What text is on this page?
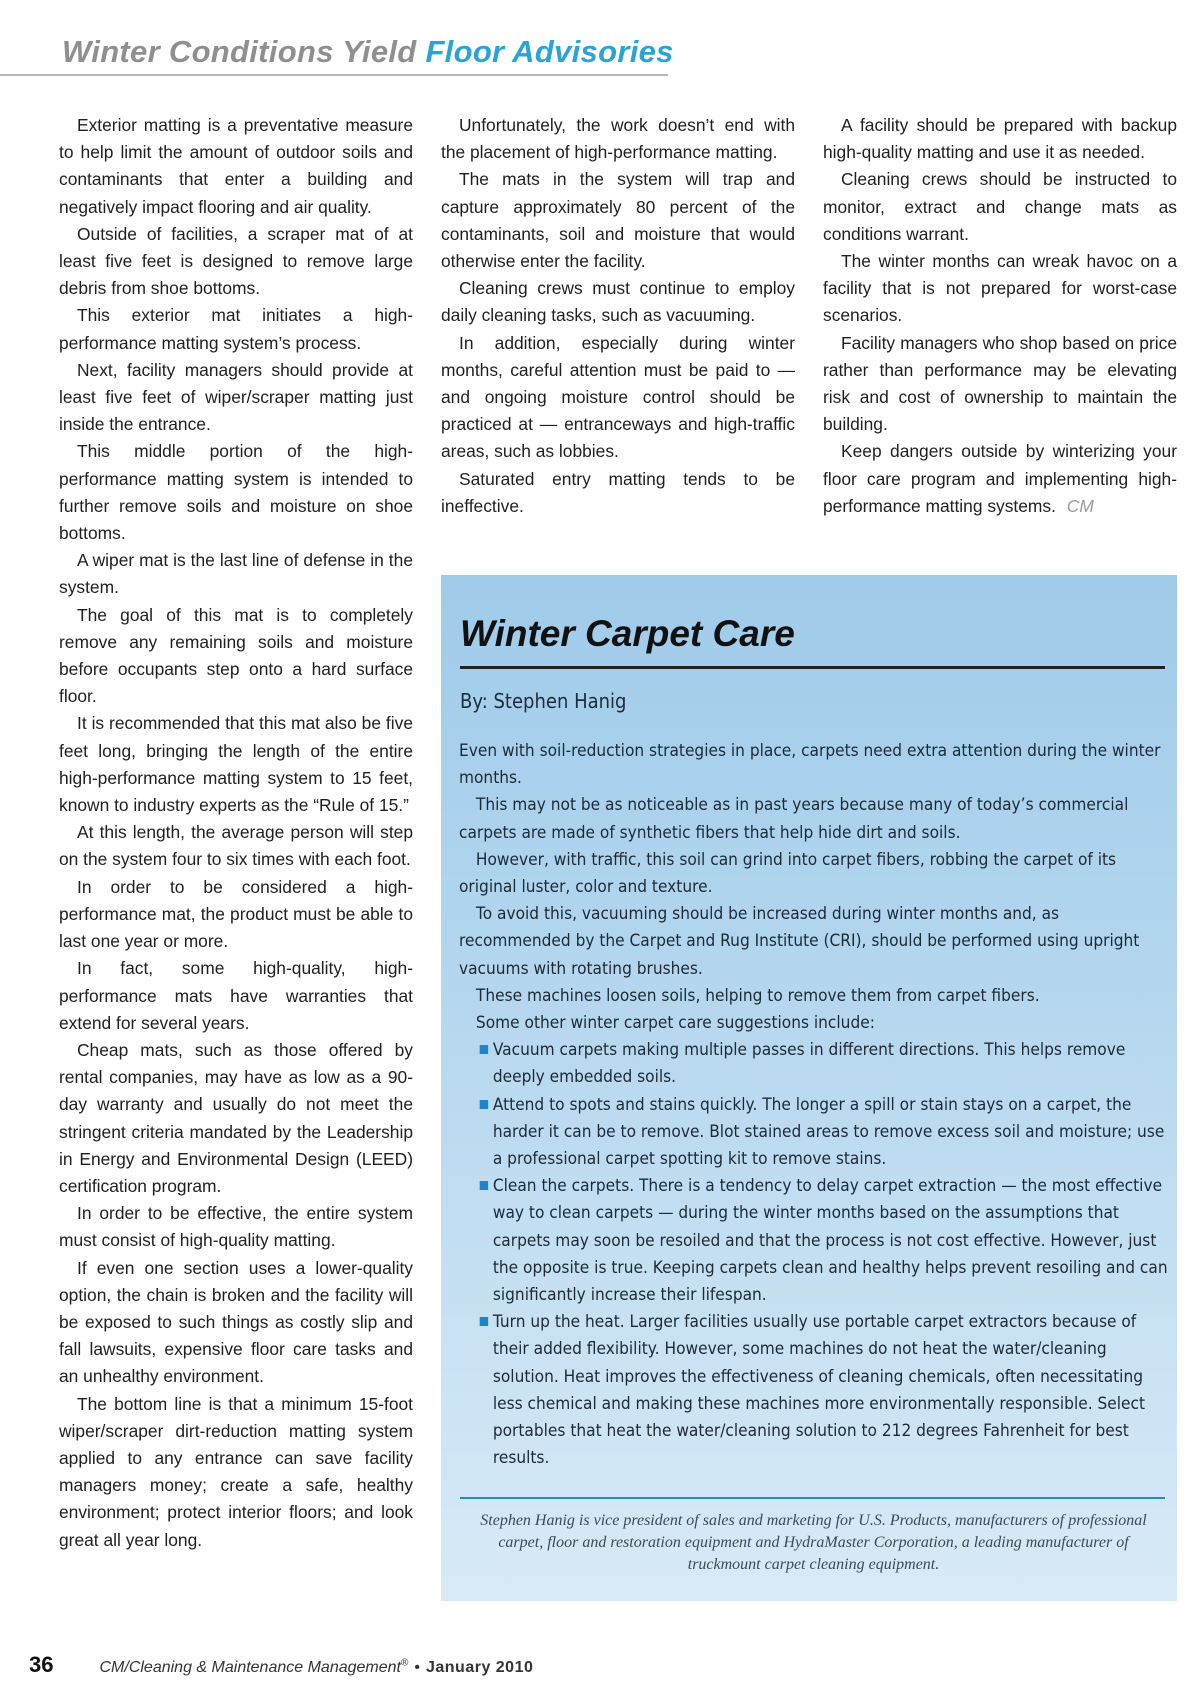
Winter Conditions Yield Floor Advisories

Exterior matting is a preventative measure to help limit the amount of outdoor soils and contaminants that enter a building and negatively impact flooring and air quality.

Outside of facilities, a scraper mat of at least five feet is designed to remove large debris from shoe bottoms.

This exterior mat initiates a high-performance matting system’s process.

Next, facility managers should provide at least five feet of wiper/scraper matting just inside the entrance.

This middle portion of the high-performance matting system is intended to further remove soils and moisture on shoe bottoms.

A wiper mat is the last line of defense in the system.

The goal of this mat is to completely remove any remaining soils and moisture before occupants step onto a hard surface floor.

It is recommended that this mat also be five feet long, bringing the length of the entire high-performance matting system to 15 feet, known to industry experts as the “Rule of 15.”

At this length, the average person will step on the system four to six times with each foot.

In order to be considered a high-performance mat, the product must be able to last one year or more.

In fact, some high-quality, high-performance mats have warranties that extend for several years.

Cheap mats, such as those offered by rental companies, may have as low as a 90-day warranty and usually do not meet the stringent criteria mandated by the Leadership in Energy and Environmental Design (LEED) certification program.

In order to be effective, the entire system must consist of high-quality matting.

If even one section uses a lower-quality option, the chain is broken and the facility will be exposed to such things as costly slip and fall lawsuits, expensive floor care tasks and an unhealthy environment.

The bottom line is that a minimum 15-foot wiper/scraper dirt-reduction matting system applied to any entrance can save facility managers money; create a safe, healthy environment; protect interior floors; and look great all year long.

Unfortunately, the work doesn’t end with the placement of high-performance matting.

The mats in the system will trap and capture approximately 80 percent of the contaminants, soil and moisture that would otherwise enter the facility.

Cleaning crews must continue to employ daily cleaning tasks, such as vacuuming.

In addition, especially during winter months, careful attention must be paid to — and ongoing moisture control should be practiced at — entranceways and high-traffic areas, such as lobbies.

Saturated entry matting tends to be ineffective.

A facility should be prepared with backup high-quality matting and use it as needed.

Cleaning crews should be instructed to monitor, extract and change mats as conditions warrant.

The winter months can wreak havoc on a facility that is not prepared for worst-case scenarios.

Facility managers who shop based on price rather than performance may be elevating risk and cost of ownership to maintain the building.

Keep dangers outside by winterizing your floor care program and implementing high-performance matting systems. CM

Winter Carpet Care
By: Stephen Hanig

Even with soil-reduction strategies in place, carpets need extra attention during the winter months.

This may not be as noticeable as in past years because many of today’s commercial carpets are made of synthetic fibers that help hide dirt and soils.

However, with traffic, this soil can grind into carpet fibers, robbing the carpet of its original luster, color and texture.

To avoid this, vacuuming should be increased during winter months and, as recommended by the Carpet and Rug Institute (CRI), should be performed using upright vacuums with rotating brushes.

These machines loosen soils, helping to remove them from carpet fibers.

Some other winter carpet care suggestions include:

Vacuum carpets making multiple passes in different directions. This helps remove deeply embedded soils.
Attend to spots and stains quickly. The longer a spill or stain stays on a carpet, the harder it can be to remove. Blot stained areas to remove excess soil and moisture; use a professional carpet spotting kit to remove stains.
Clean the carpets. There is a tendency to delay carpet extraction — the most effective way to clean carpets — during the winter months based on the assumptions that carpets may soon be resoiled and that the process is not cost effective. However, just the opposite is true. Keeping carpets clean and healthy helps prevent resoiling and can significantly increase their lifespan.
Turn up the heat. Larger facilities usually use portable carpet extractors because of their added flexibility. However, some machines do not heat the water/cleaning solution. Heat improves the effectiveness of cleaning chemicals, often necessitating less chemical and making these machines more environmentally responsible. Select portables that heat the water/cleaning solution to 212 degrees Fahrenheit for best results.
Stephen Hanig is vice president of sales and marketing for U.S. Products, manufacturers of professional carpet, floor and restoration equipment and HydraMaster Corporation, a leading manufacturer of truckmount carpet cleaning equipment.
36	CM/Cleaning & Maintenance Management® • January 2010
